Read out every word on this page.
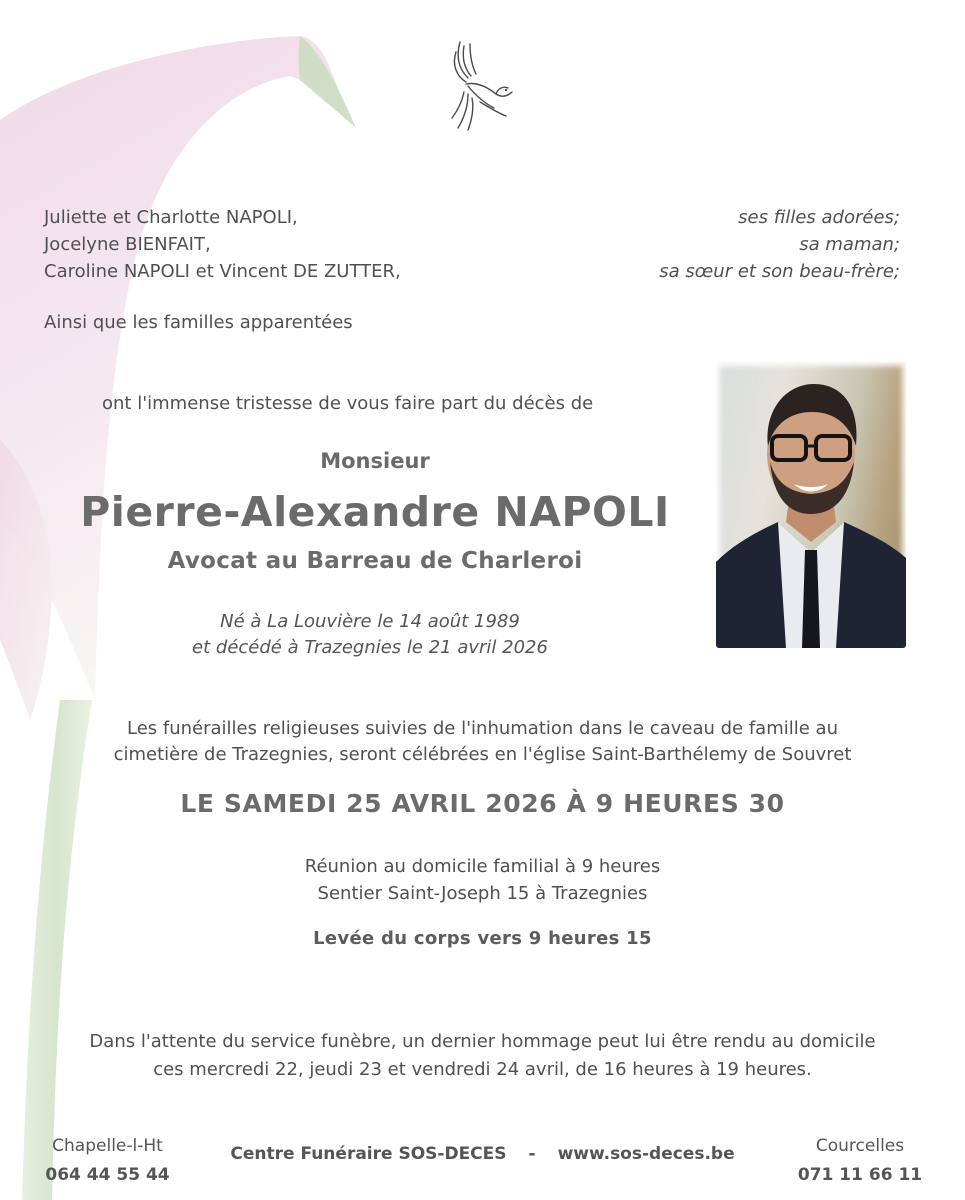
Juliette et Charlotte NAPOLI,
Jocelyne BIENFAIT,
Caroline NAPOLI et Vincent DE ZUTTER,
ses filles adorées;
sa maman;
sa sœur et son beau-frère;
Ainsi que les familles apparentées
ont l'immense tristesse de vous faire part du décès de
Monsieur
Pierre-Alexandre NAPOLI
Avocat au Barreau de Charleroi
Né à La Louvière le 14 août 1989
et décédé à Trazegnies le 21 avril 2026
Les funérailles religieuses suivies de l'inhumation dans le caveau de famille au
cimetière de Trazegnies, seront célébrées en l'église Saint-Barthélemy de Souvret
LE SAMEDI 25 AVRIL 2026 À 9 HEURES 30
Réunion au domicile familial à 9 heures
Sentier Saint-Joseph 15 à Trazegnies
Levée du corps vers 9 heures 15
Dans l'attente du service funèbre, un dernier hommage peut lui être rendu au domicile
ces mercredi 22, jeudi 23 et vendredi 24 avril, de 16 heures à 19 heures.
Chapelle-l-Ht
064 44 55 44
Centre Funéraire SOS-DECES - www.sos-deces.be	Courcelles
071 11 66 11
